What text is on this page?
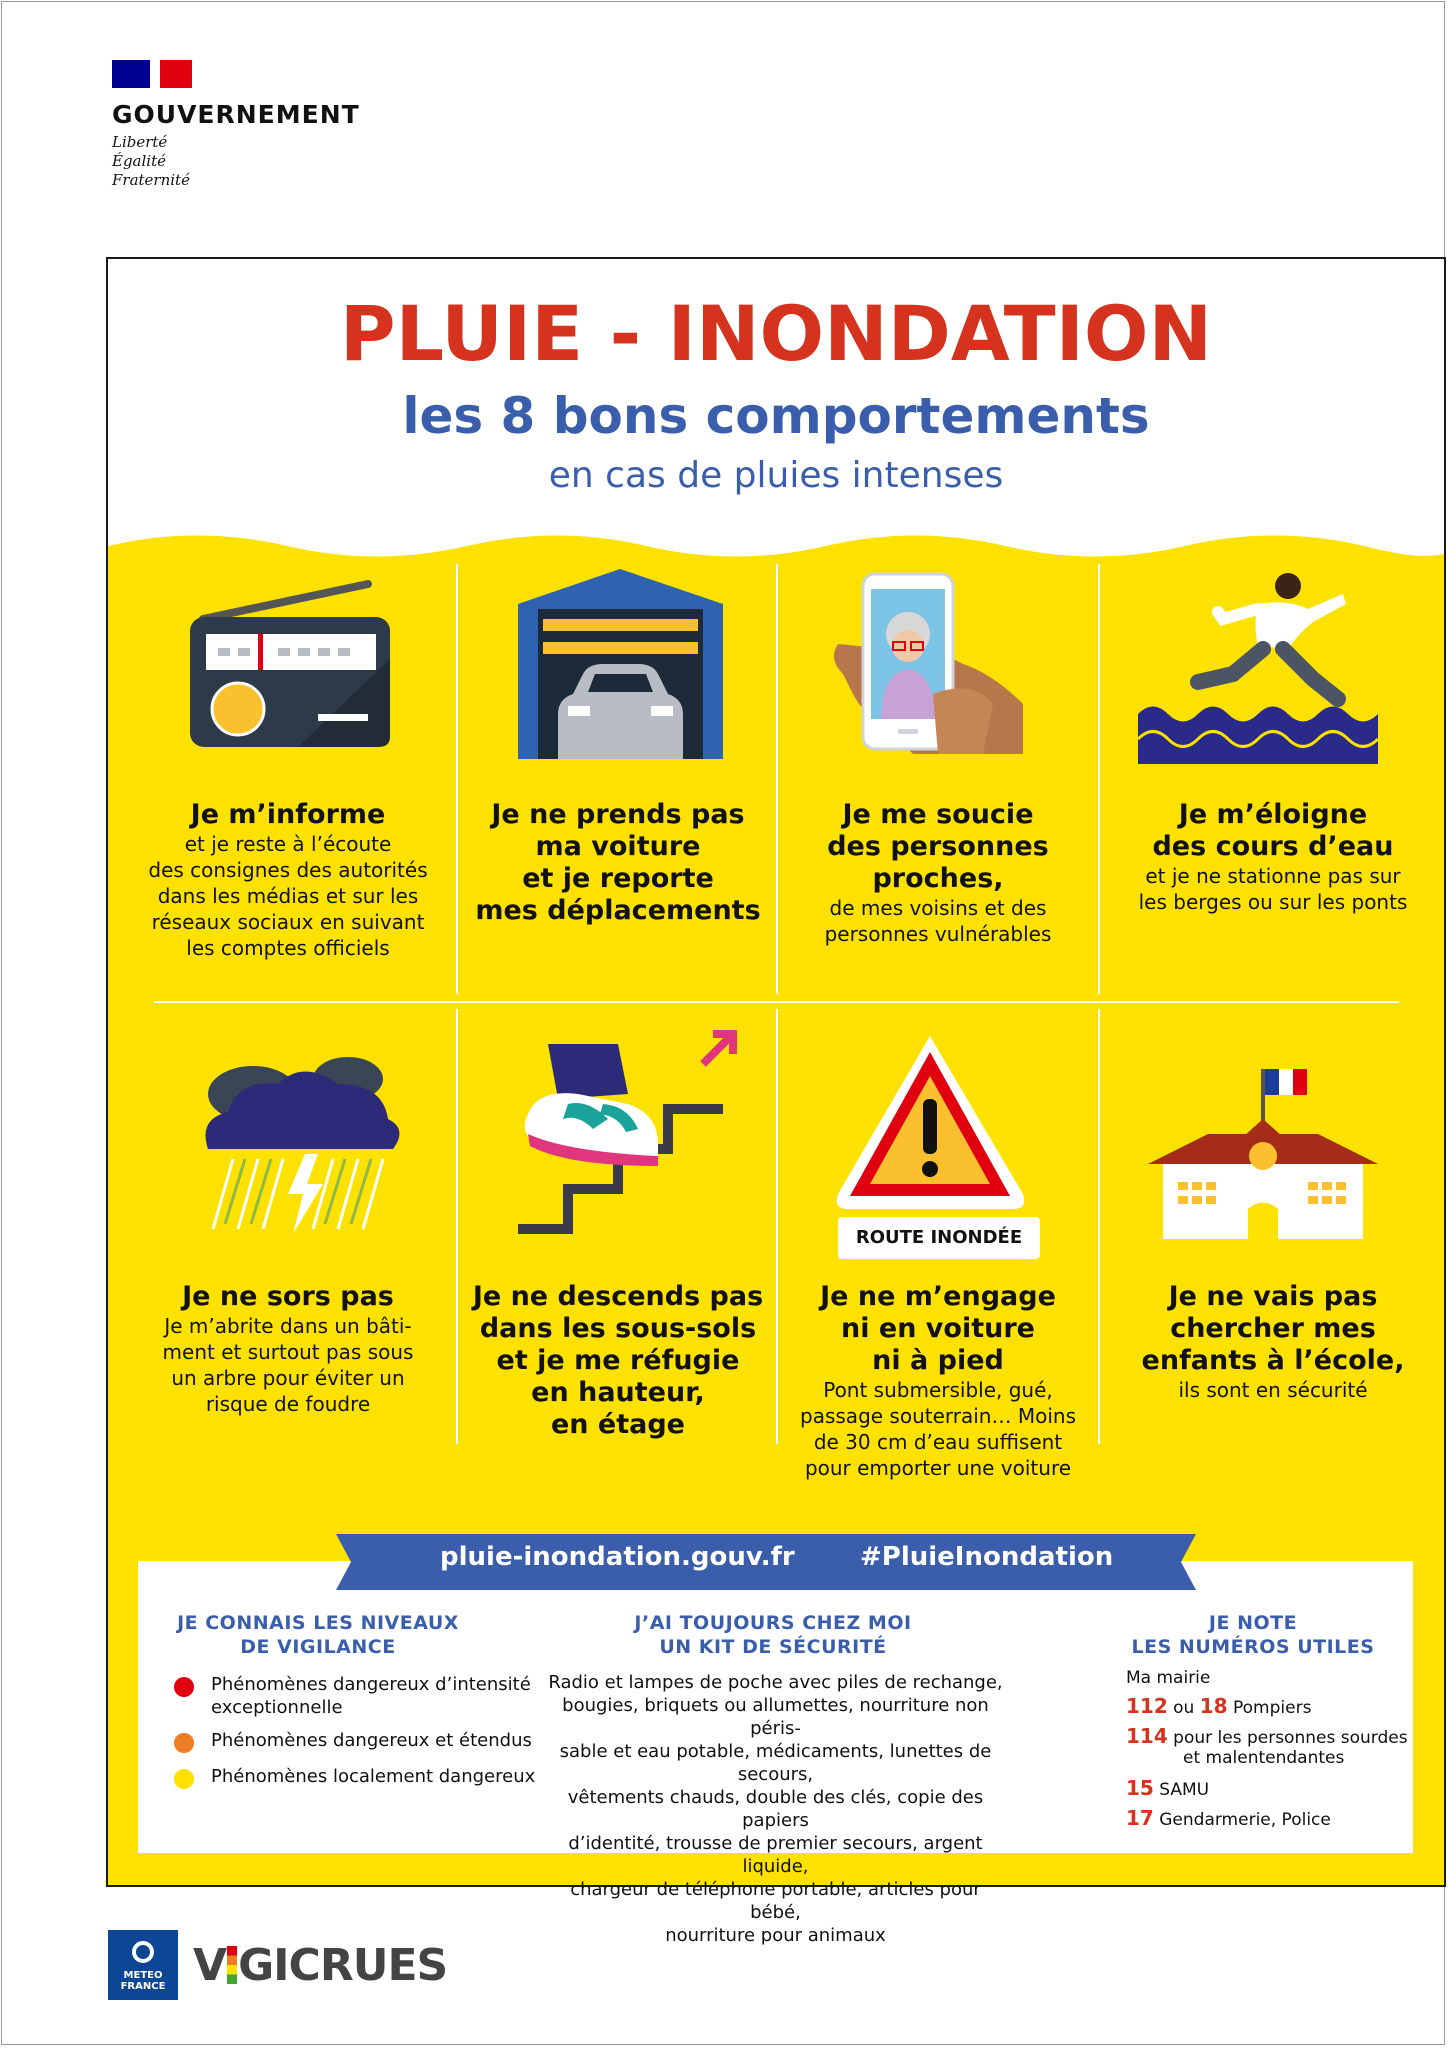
GOUVERNEMENT
Liberté
Égalité
Fraternité
PLUIE - INONDATION
les 8 bons comportements
en cas de pluies intenses
Je m’informe
et je reste à l’écoute
des consignes des autorités
dans les médias et sur les
réseaux sociaux en suivant
les comptes officiels
Je ne prends pas
ma voiture
et je reporte
mes déplacements
Je me soucie
des personnes
proches,
de mes voisins et des
personnes vulnérables
Je m’éloigne
des cours d’eau
et je ne stationne pas sur
les berges ou sur les ponts
Je ne sors pas
Je m’abrite dans un bâti-
ment et surtout pas sous
un arbre pour éviter un
risque de foudre
Je ne descends pas
dans les sous-sols
et je me réfugie
en hauteur,
en étage
ROUTE INONDÉE
Je ne m’engage
ni en voiture
ni à pied
Pont submersible, gué,
passage souterrain… Moins
de 30 cm d’eau suffisent
pour emporter une voiture
Je ne vais pas
chercher mes
enfants à l’école,
ils sont en sécurité
pluie-inondation.gouv.fr	#PluieInondation
JE CONNAIS LES NIVEAUX
DE VIGILANCE
Phénomènes dangereux d’intensité
exceptionnelle
Phénomènes dangereux et étendus
Phénomènes localement dangereux
J’AI TOUJOURS CHEZ MOI
UN KIT DE SÉCURITÉ
Radio et lampes de poche avec piles de rechange,
bougies, briquets ou allumettes, nourriture non péris-
sable et eau potable, médicaments, lunettes de secours,
vêtements chauds, double des clés, copie des papiers
d’identité, trousse de premier secours, argent liquide,
chargeur de téléphone portable, articles pour bébé,
nourriture pour animaux
JE NOTE
LES NUMÉROS UTILES
Ma mairie
112 ou 18 Pompiers
114 pour les personnes sourdes
et malentendantes
15 SAMU
17 Gendarmerie, Police
METEO
FRANCE V GICRUES
